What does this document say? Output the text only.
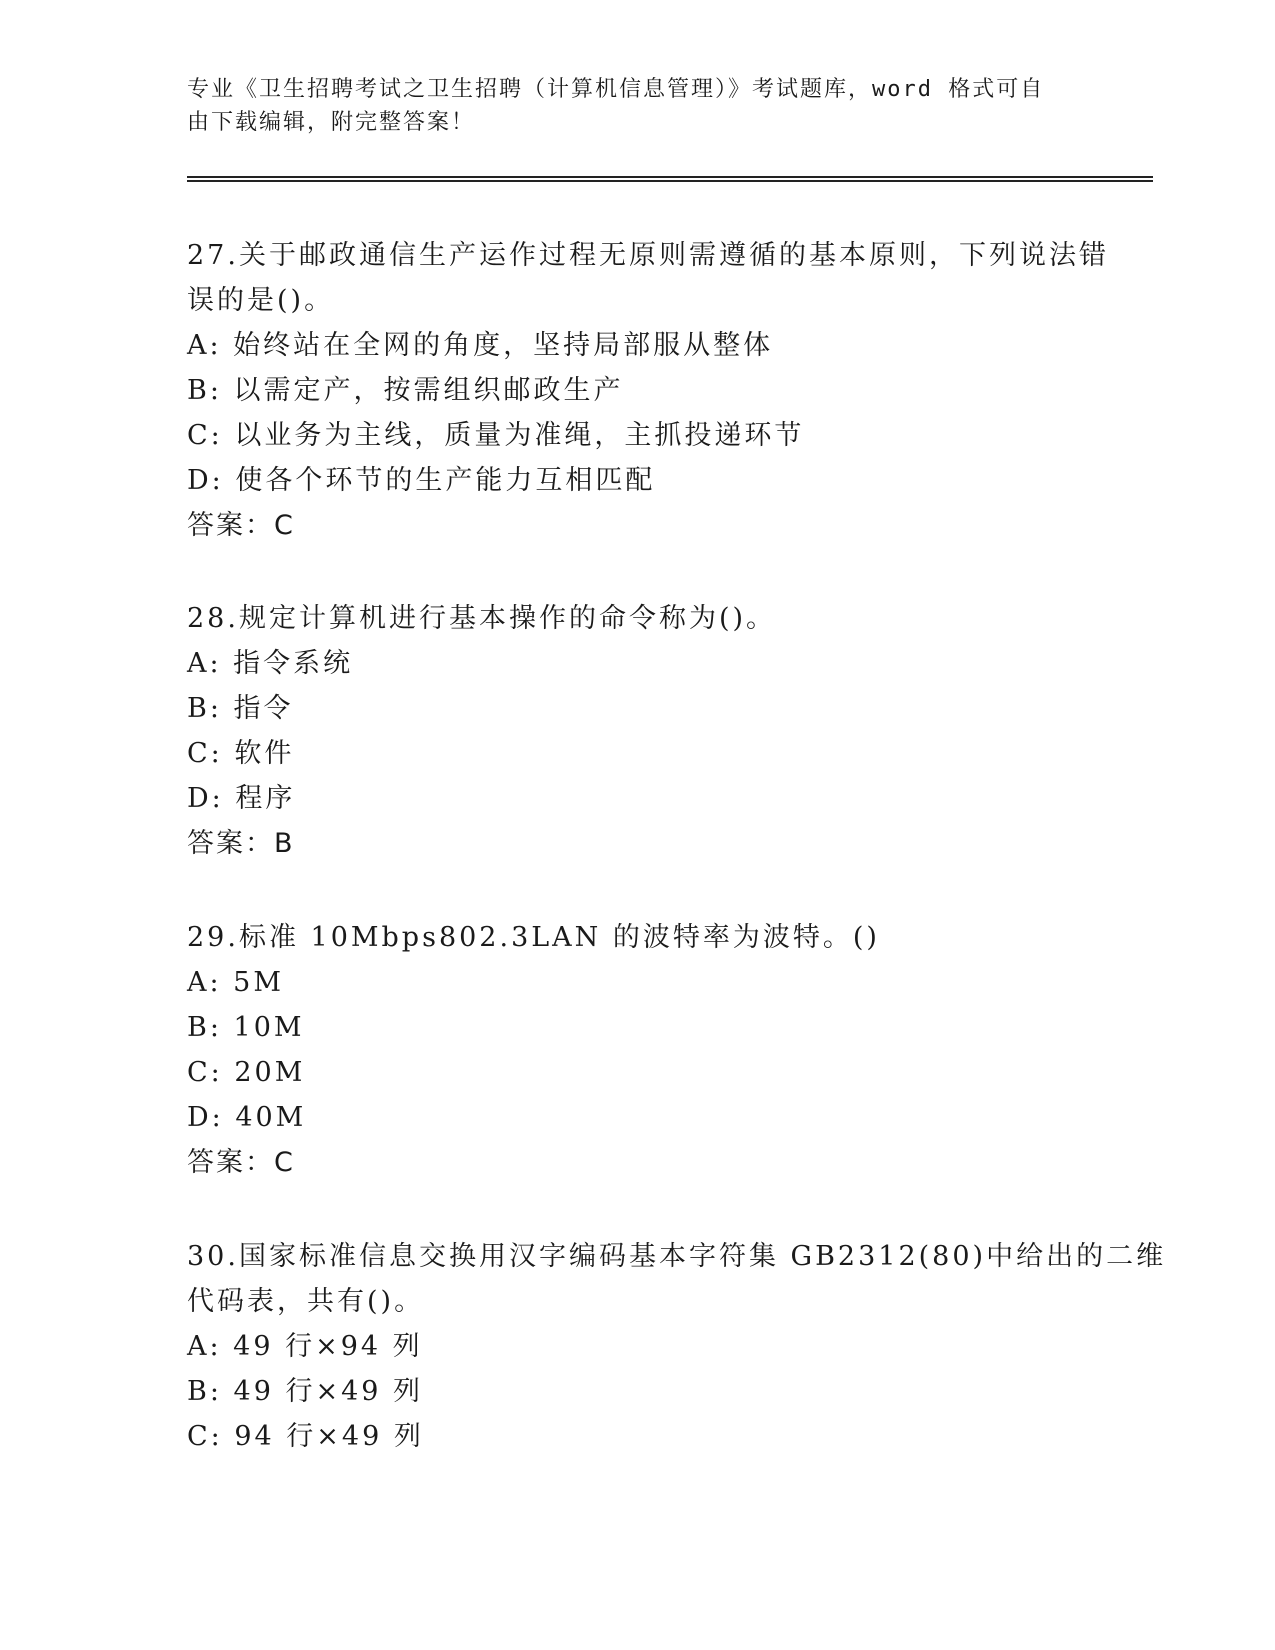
专业《卫生招聘考试之卫生招聘（计算机信息管理）》考试题库，word 格式可自
由下载编辑，附完整答案！

27.关于邮政通信生产运作过程无原则需遵循的基本原则，下列说法错

误的是()。

A: 始终站在全网的角度，坚持局部服从整体

B: 以需定产，按需组织邮政生产

C: 以业务为主线，质量为准绳，主抓投递环节

D: 使各个环节的生产能力互相匹配

答案：C

28.规定计算机进行基本操作的命令称为()。

A: 指令系统

B: 指令

C: 软件

D: 程序

答案：B

29.标准 10Mbps802.3LAN 的波特率为波特。()

A: 5M

B: 10M

C: 20M

D: 40M

答案：C

30.国家标准信息交换用汉字编码基本字符集 GB2312(80)中给出的二维

代码表，共有()。

A: 49 行×94 列

B: 49 行×49 列

C: 94 行×49 列
